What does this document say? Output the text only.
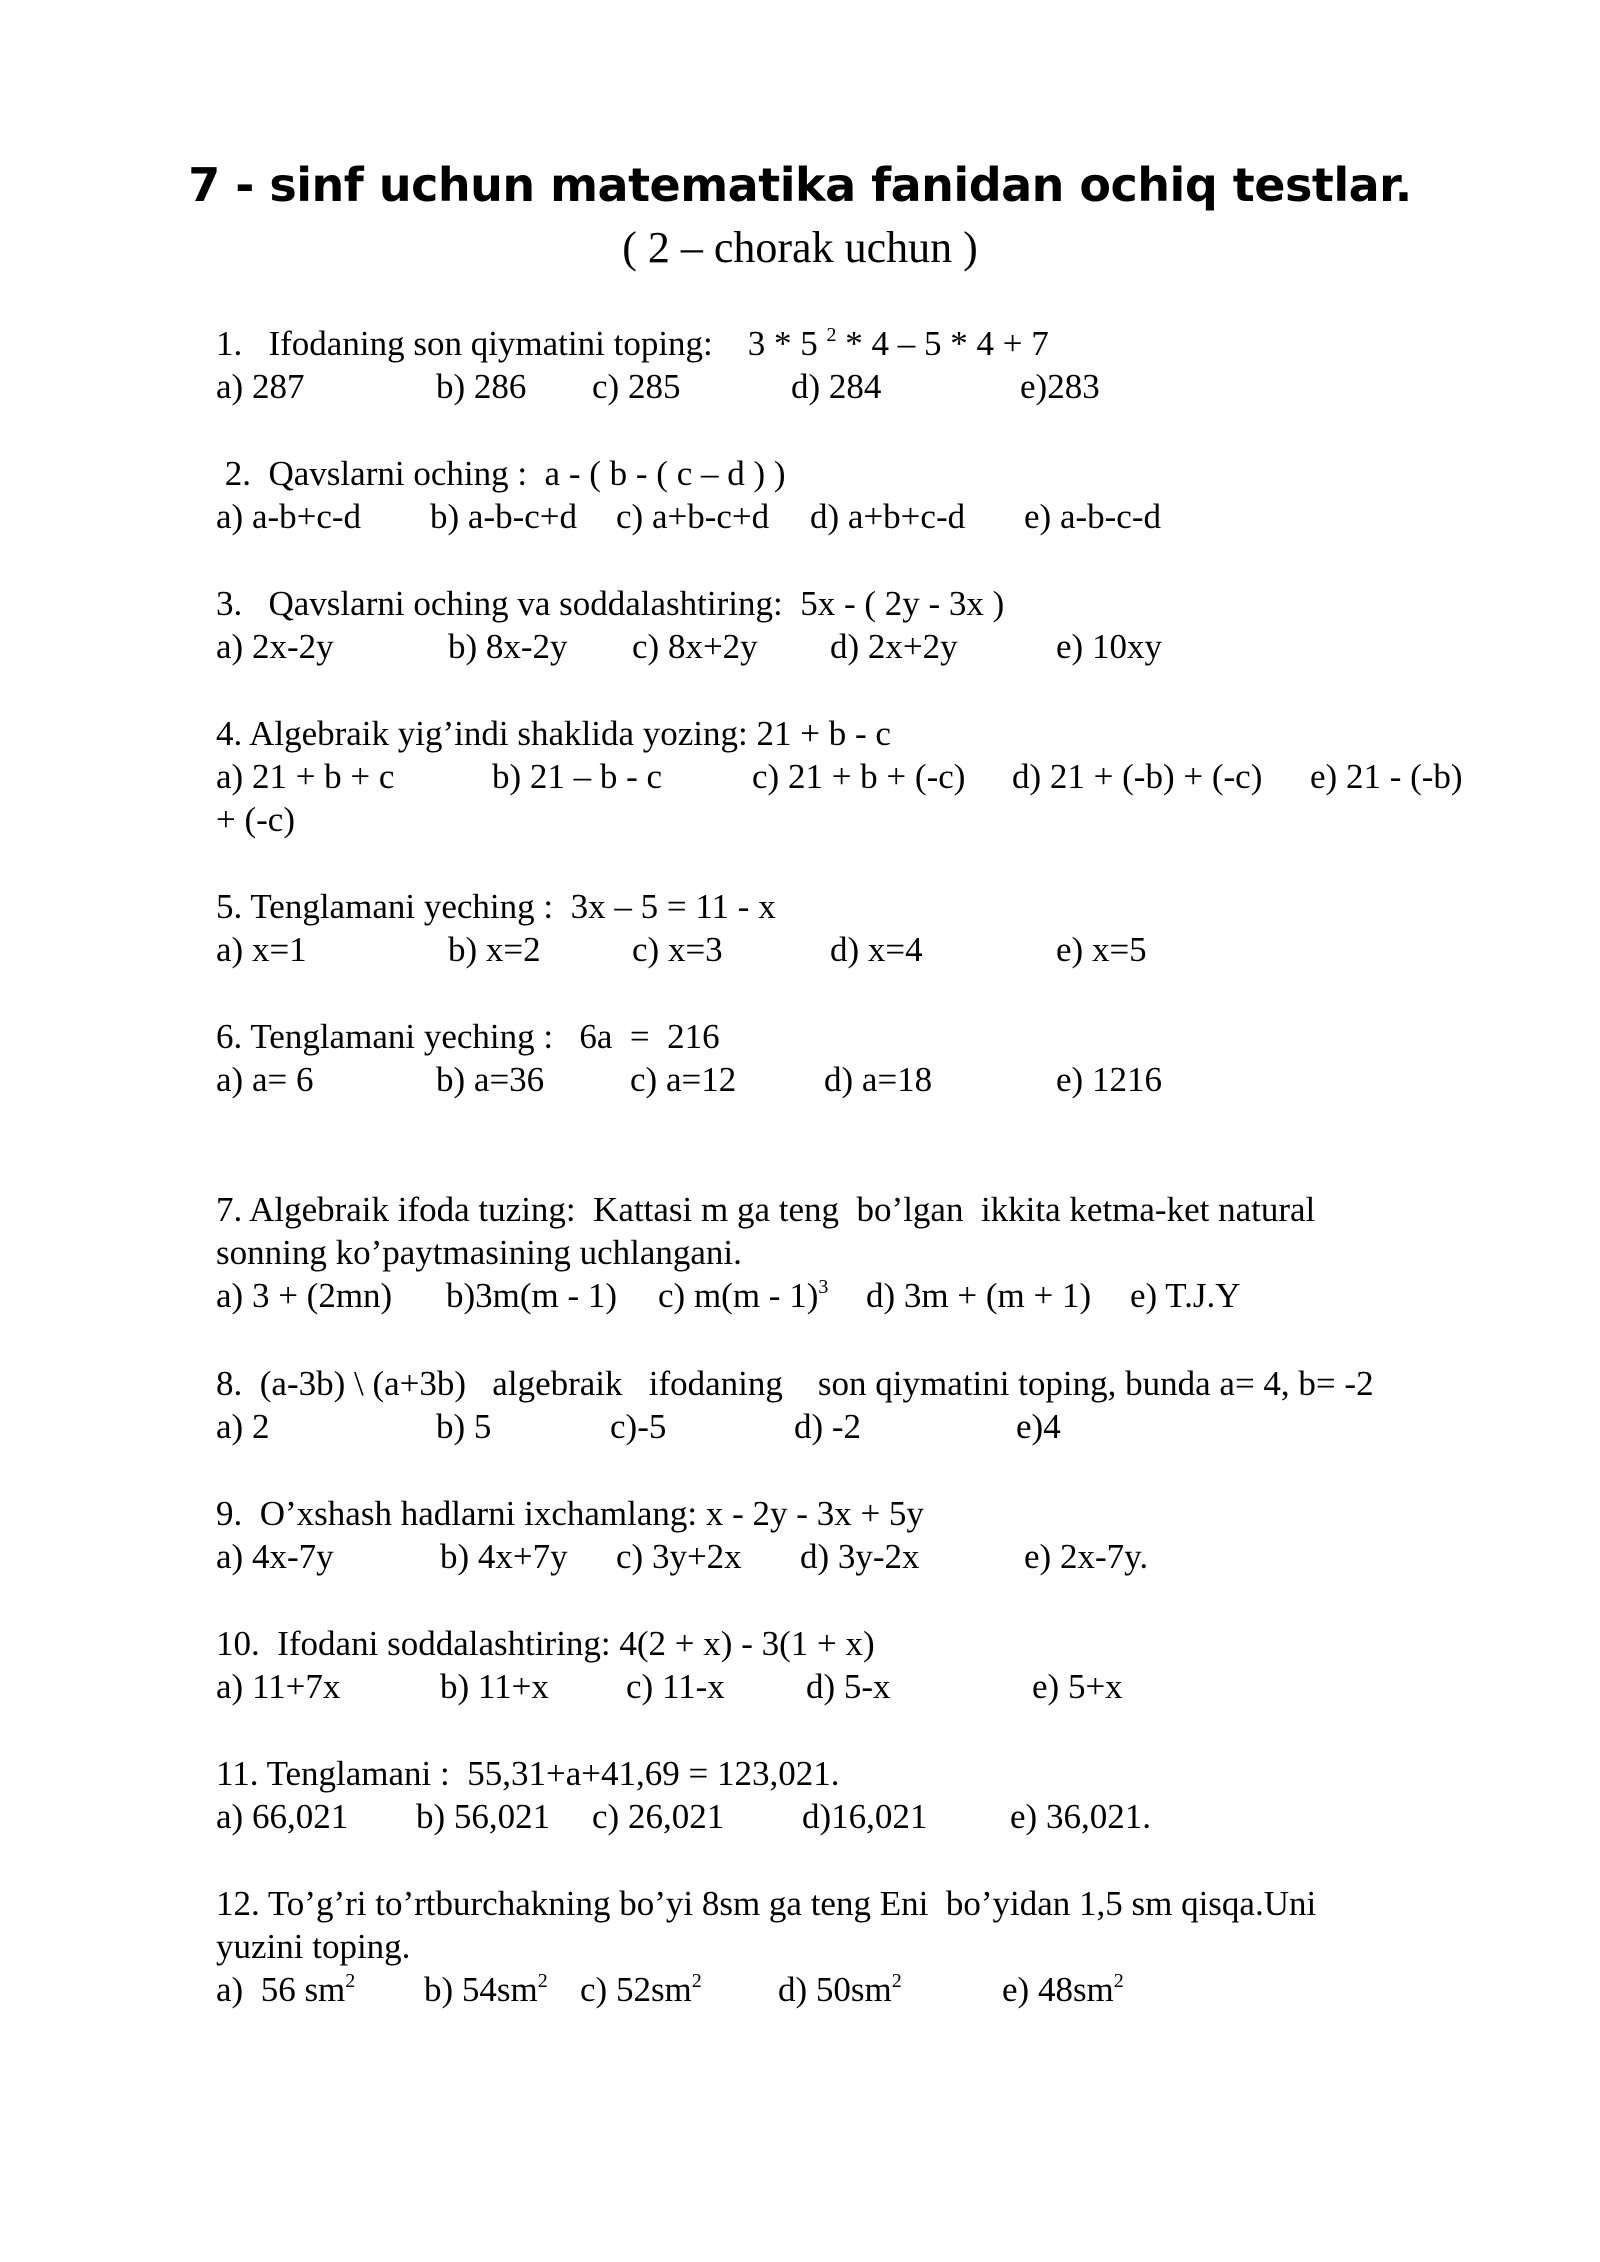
7 - sinf uchun matematika fanidan ochiq testlar.
( 2 – chorak uchun )
1.   Ifodaning son qiymatini toping:    3 * 5 $^2$ * 4 – 5 * 4 + 7
a) 287	b) 286 c) 285	d) 284	e)283
2.  Qavslarni oching :  a - ( b - ( c – d ) )
a) a-b+c-d b) a-b-c+d c) a+b-c+d d) a+b+c-d e) a-b-c-d
3.   Qavslarni oching va soddalashtiring:  5x - ( 2y - 3x )
a) 2x-2y	b) 8x-2y c) 8x+2y d) 2x+2y	e) 10xy
4. Algebraik yig’indi shaklida yozing: 21 + b - c
a) 21 + b + c	b) 21 – b - c	c) 21 + b + (-c) d) 21 + (-b) + (-c) e) 21 - (-b)
+ (-c)
5. Tenglamani yeching :  3x – 5 = 11 - x
a) x=1	b) x=2	c) x=3	d) x=4	e) x=5
6. Tenglamani yeching :   6a  =  216
a) a= 6	b) a=36 c) a=12	d) a=18	e) 1216
7. Algebraik ifoda tuzing:  Kattasi m ga teng  bo’lgan  ikkita ketma-ket natural
sonning ko’paytmasining uchlangani.
a) 3 + (2mn) b)3m(m - 1) c) m(m - 1)$^3$ d) 3m + (m + 1) e) T.J.Y
8.  (a-3b) \ (a+3b)   algebraik   ifodaning    son qiymatini toping, bunda a= 4, b= -2
a) 2	b) 5	c)-5	d) -2	e)4
9.  O’xshash hadlarni ixchamlang: x - 2y - 3x + 5y
a) 4x-7y	b) 4x+7y c) 3y+2x d) 3y-2x	e) 2x-7y.
10.  Ifodani soddalashtiring: 4(2 + x) - 3(1 + x)
a) 11+7x	b) 11+x c) 11-x d) 5-x	e) 5+x
11. Tenglamani :  55,31+a+41,69 = 123,021.
a) 66,021 b) 56,021 c) 26,021 d)16,021 e) 36,021.
12. To’g’ri to’rtburchakning bo’yi 8sm ga teng Eni  bo’yidan 1,5 sm qisqa.Uni
yuzini toping.
a)  56 $sm^2$ b) $54sm^2$ c) $52sm^2$ d) $50sm^2$	e) $48sm^2$
